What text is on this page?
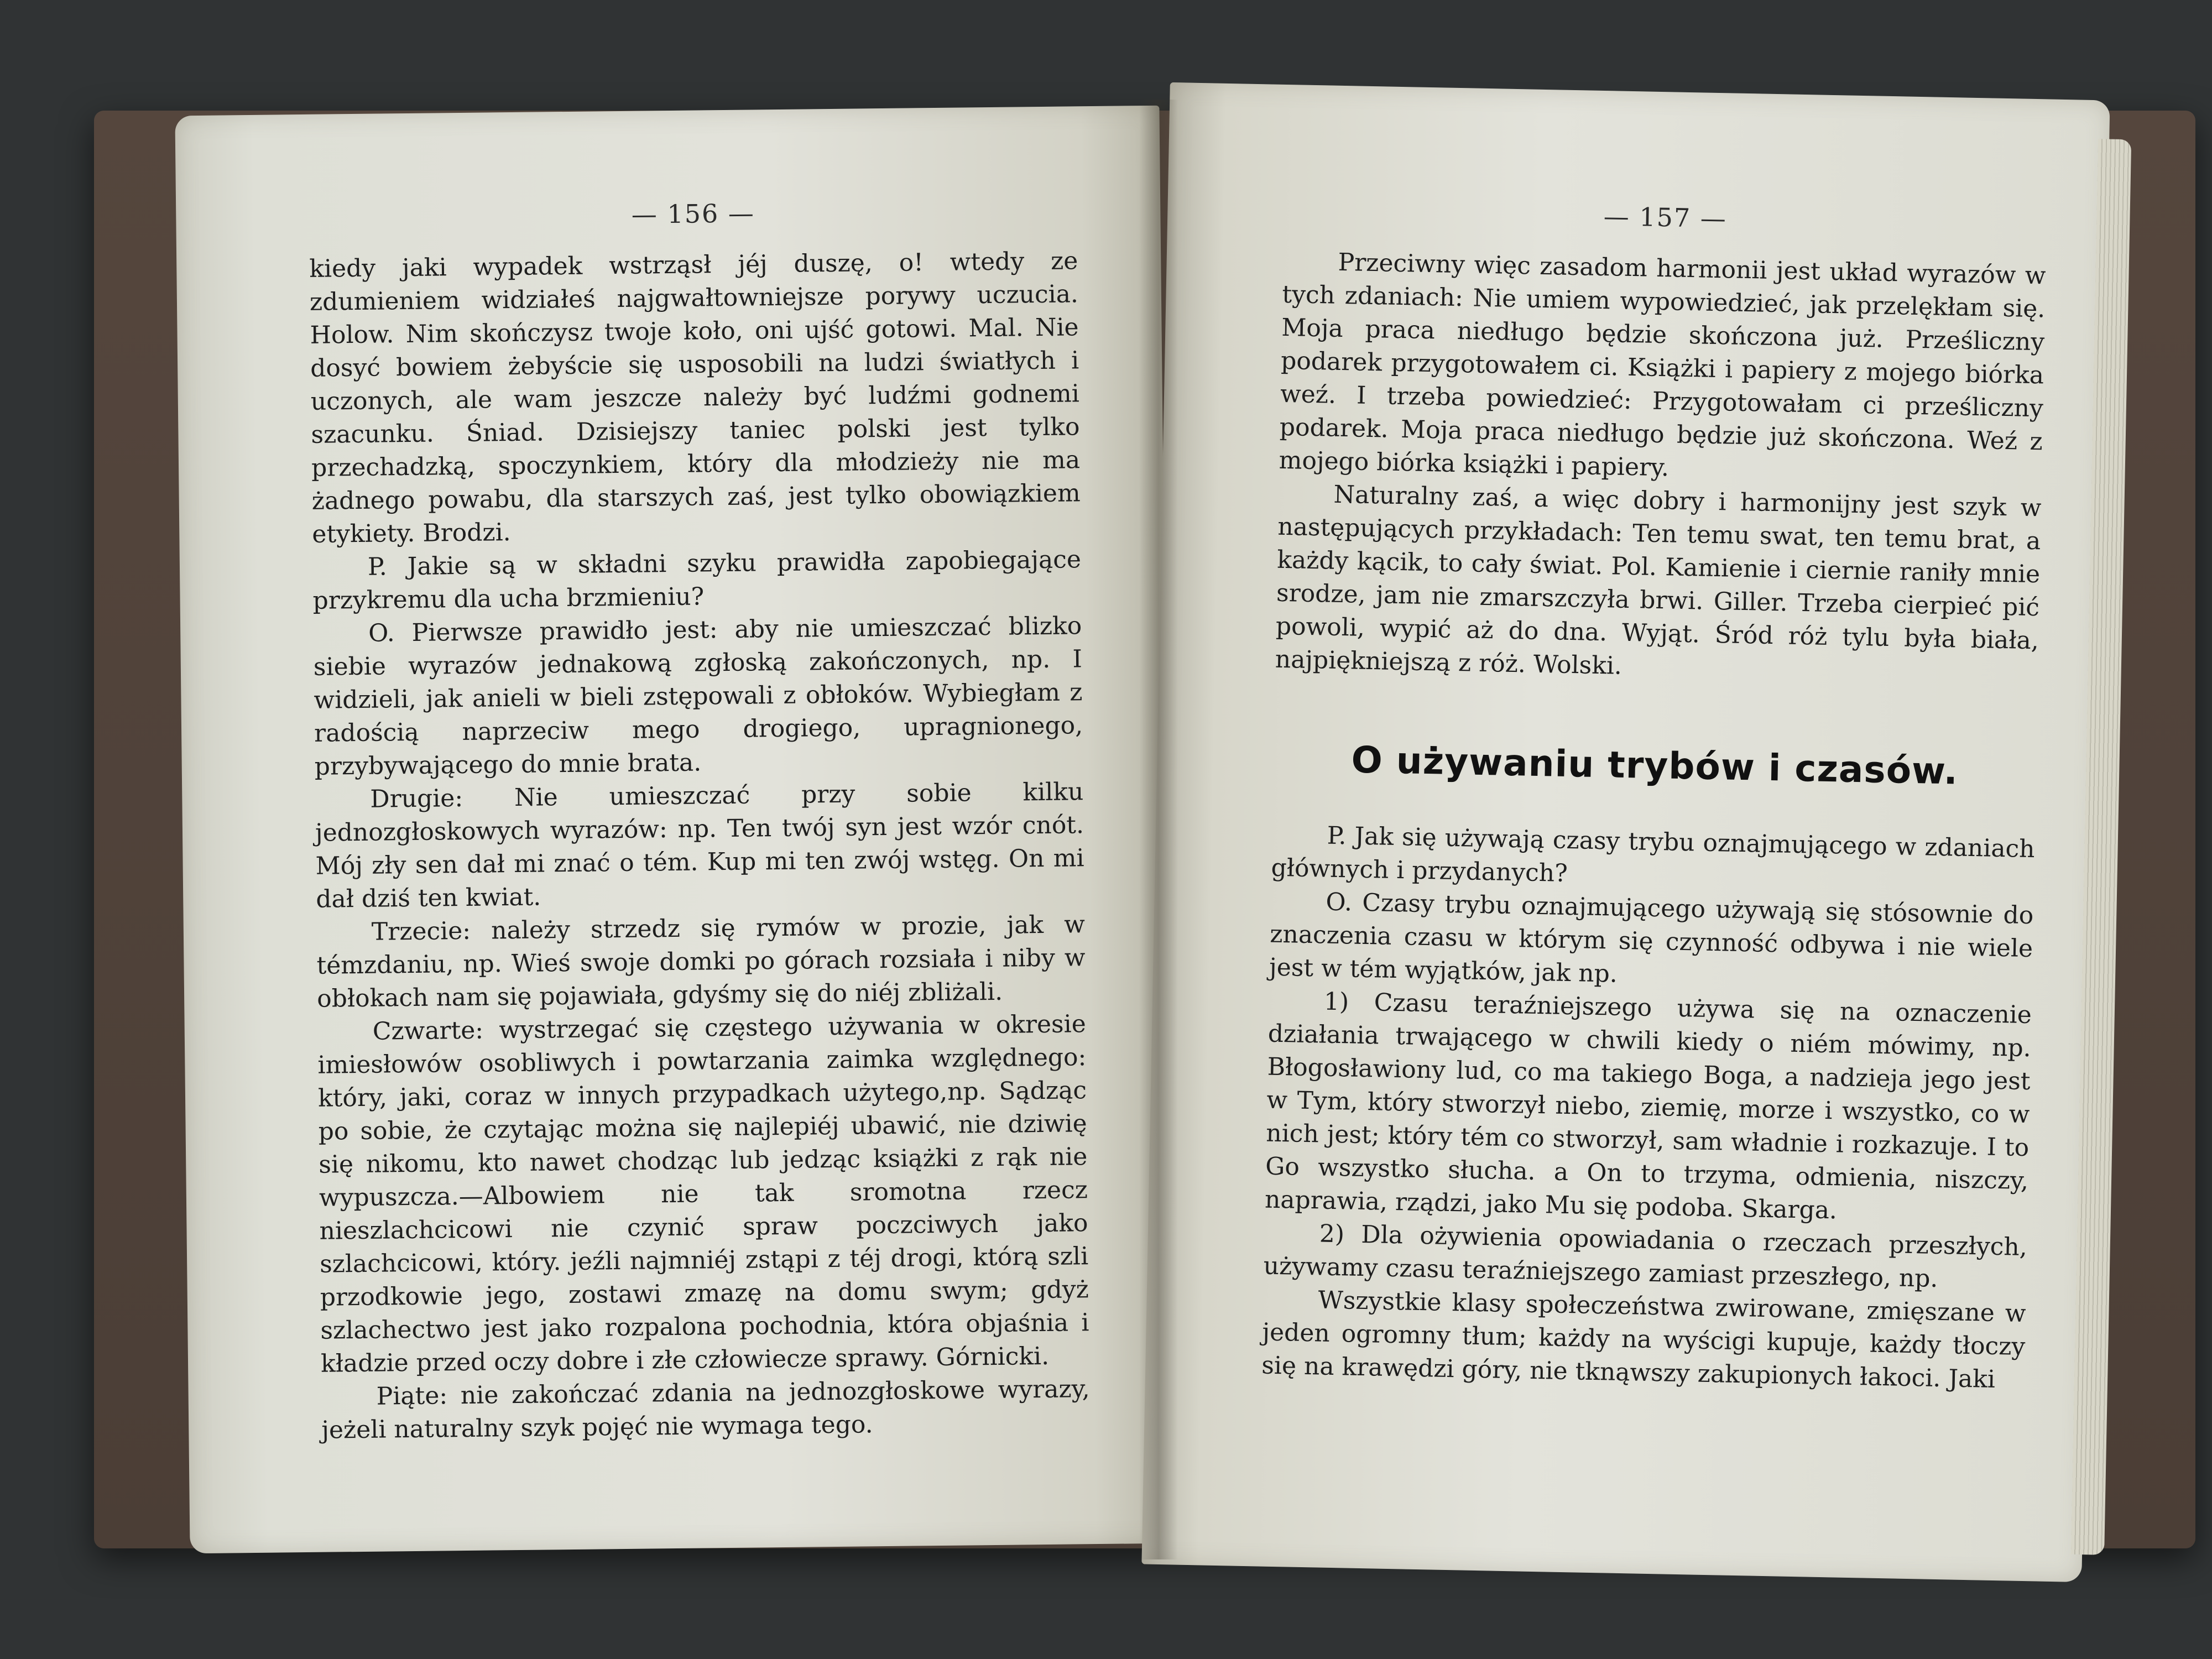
— 156 —

kiedy jaki wypadek wstrząsł jéj duszę, o! wtedy ze zdumieniem widziałeś najgwałtowniejsze porywy uczucia. Holow. Nim skończysz twoje koło, oni ujść gotowi. Mal. Nie dosyć bowiem żebyście się usposobili na ludzi światłych i uczonych, ale wam jeszcze należy być ludźmi godnemi szacunku. Śniad. Dzisiejszy taniec polski jest tylko przechadzką, spoczynkiem, który dla młodzieży nie ma żadnego powabu, dla starszych zaś, jest tylko obowiązkiem etykiety. Brodzi.

P. Jakie są w składni szyku prawidła zapobiegające przykremu dla ucha brzmieniu?

O. Pierwsze prawidło jest: aby nie umieszczać blizko siebie wyrazów jednakową zgłoską zakończonych, np. I widzieli, jak anieli w bieli zstępowali z obłoków. Wybiegłam z radością naprzeciw mego drogiego, upragnionego, przybywającego do mnie brata.

Drugie: Nie umieszczać przy sobie kilku jednozgłoskowych wyrazów: np. Ten twój syn jest wzór cnót. Mój zły sen dał mi znać o tém. Kup mi ten zwój wstęg. On mi dał dziś ten kwiat.

Trzecie: należy strzedz się rymów w prozie, jak w témzdaniu, np. Wieś swoje domki po górach rozsiała i niby w obłokach nam się pojawiała, gdyśmy się do niéj zbliżali.

Czwarte: wystrzegać się częstego używania w okresie imiesłowów osobliwych i powtarzania zaimka względnego: który, jaki, coraz w innych przypadkach użytego,np. Sądząc po sobie, że czytając można się najlepiéj ubawić, nie dziwię się nikomu, kto nawet chodząc lub jedząc książki z rąk nie wypuszcza.—Albowiem nie tak sromotna rzecz nieszlachcicowi nie czynić spraw poczciwych jako szlachcicowi, który. jeźli najmniéj zstąpi z téj drogi, którą szli przodkowie jego, zostawi zmazę na domu swym; gdyż szlachectwo jest jako rozpalona pochodnia, która objaśnia i kładzie przed oczy dobre i złe człowiecze sprawy. Górnicki.

Piąte: nie zakończać zdania na jednozgłoskowe wyrazy, jeżeli naturalny szyk pojęć nie wymaga tego.

— 157 —

Przeciwny więc zasadom harmonii jest układ wyrazów w tych zdaniach: Nie umiem wypowiedzieć, jak przelękłam się. Moja praca niedługo będzie skończona już. Prześliczny podarek przygotowałem ci. Książki i papiery z mojego biórka weź. I trzeba powiedzieć: Przygotowałam ci prześliczny podarek. Moja praca niedługo będzie już skończona. Weź z mojego biórka książki i papiery.

Naturalny zaś, a więc dobry i harmonijny jest szyk w następujących przykładach: Ten temu swat, ten temu brat, a każdy kącik, to cały świat. Pol. Kamienie i ciernie raniły mnie srodze, jam nie zmarszczyła brwi. Giller. Trzeba cierpieć pić powoli, wypić aż do dna. Wyjąt. Śród róż tylu była biała, najpiękniejszą z róż. Wolski.

O używaniu trybów i czasów.

P. Jak się używają czasy trybu oznajmującego w zdaniach głównych i przydanych?

O. Czasy trybu oznajmującego używają się stósownie do znaczenia czasu w którym się czynność odbywa i nie wiele jest w tém wyjątków, jak np.

1) Czasu teraźniejszego używa się na oznaczenie działania trwającego w chwili kiedy o niém mówimy, np. Błogosławiony lud, co ma takiego Boga, a nadzieja jego jest w Tym, który stworzył niebo, ziemię, morze i wszystko, co w nich jest; który tém co stworzył, sam władnie i rozkazuje. I to Go wszystko słucha. a On to trzyma, odmienia, niszczy, naprawia, rządzi, jako Mu się podoba. Skarga.

2) Dla ożywienia opowiadania o rzeczach przeszłych, używamy czasu teraźniejszego zamiast przeszłego, np.

Wszystkie klasy społeczeństwa zwirowane, zmięszane w jeden ogromny tłum; każdy na wyścigi kupuje, każdy tłoczy się na krawędzi góry, nie tknąwszy zakupionych łakoci. Jaki
